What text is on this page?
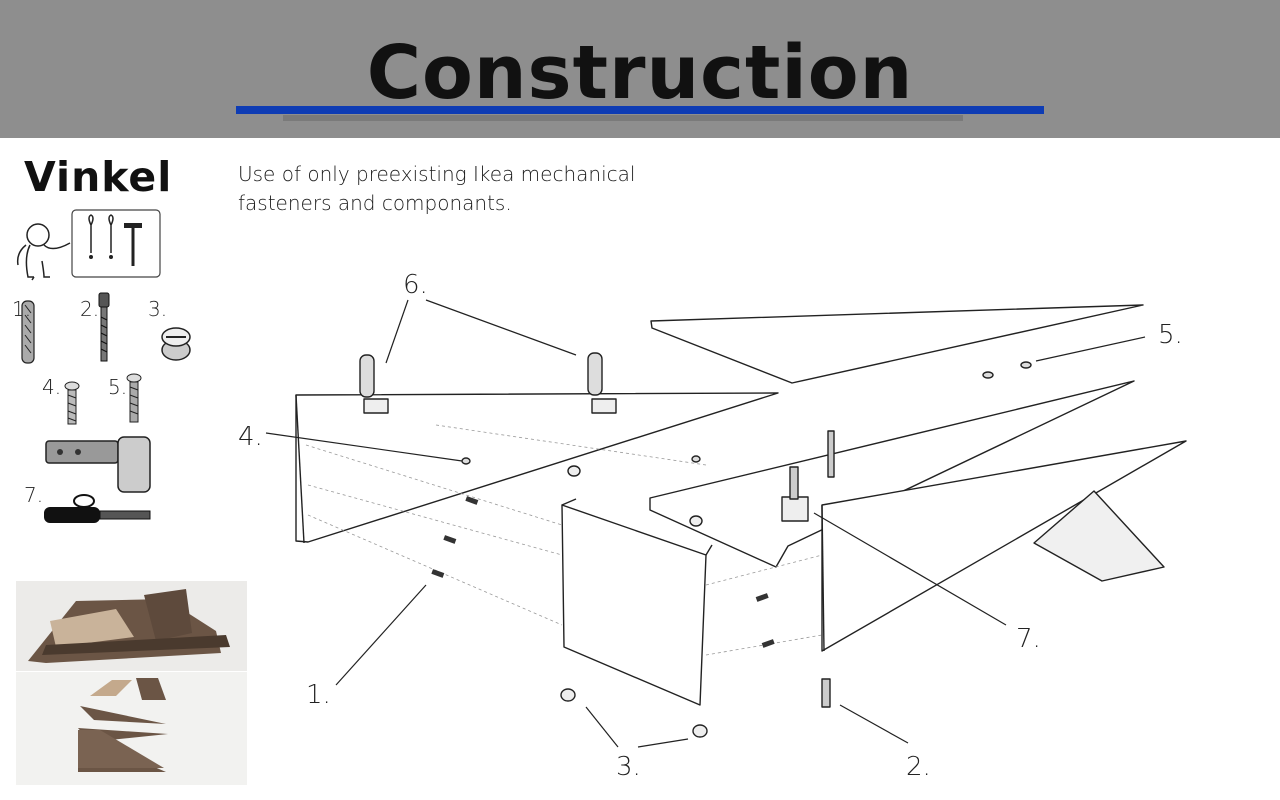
Construction
Vinkel	Use of only preexisting Ikea mechanical
fasteners and componants.
1. 2. 3.
4. 5.
7.
6.
5.
4.
1.
3.	2.
7.
